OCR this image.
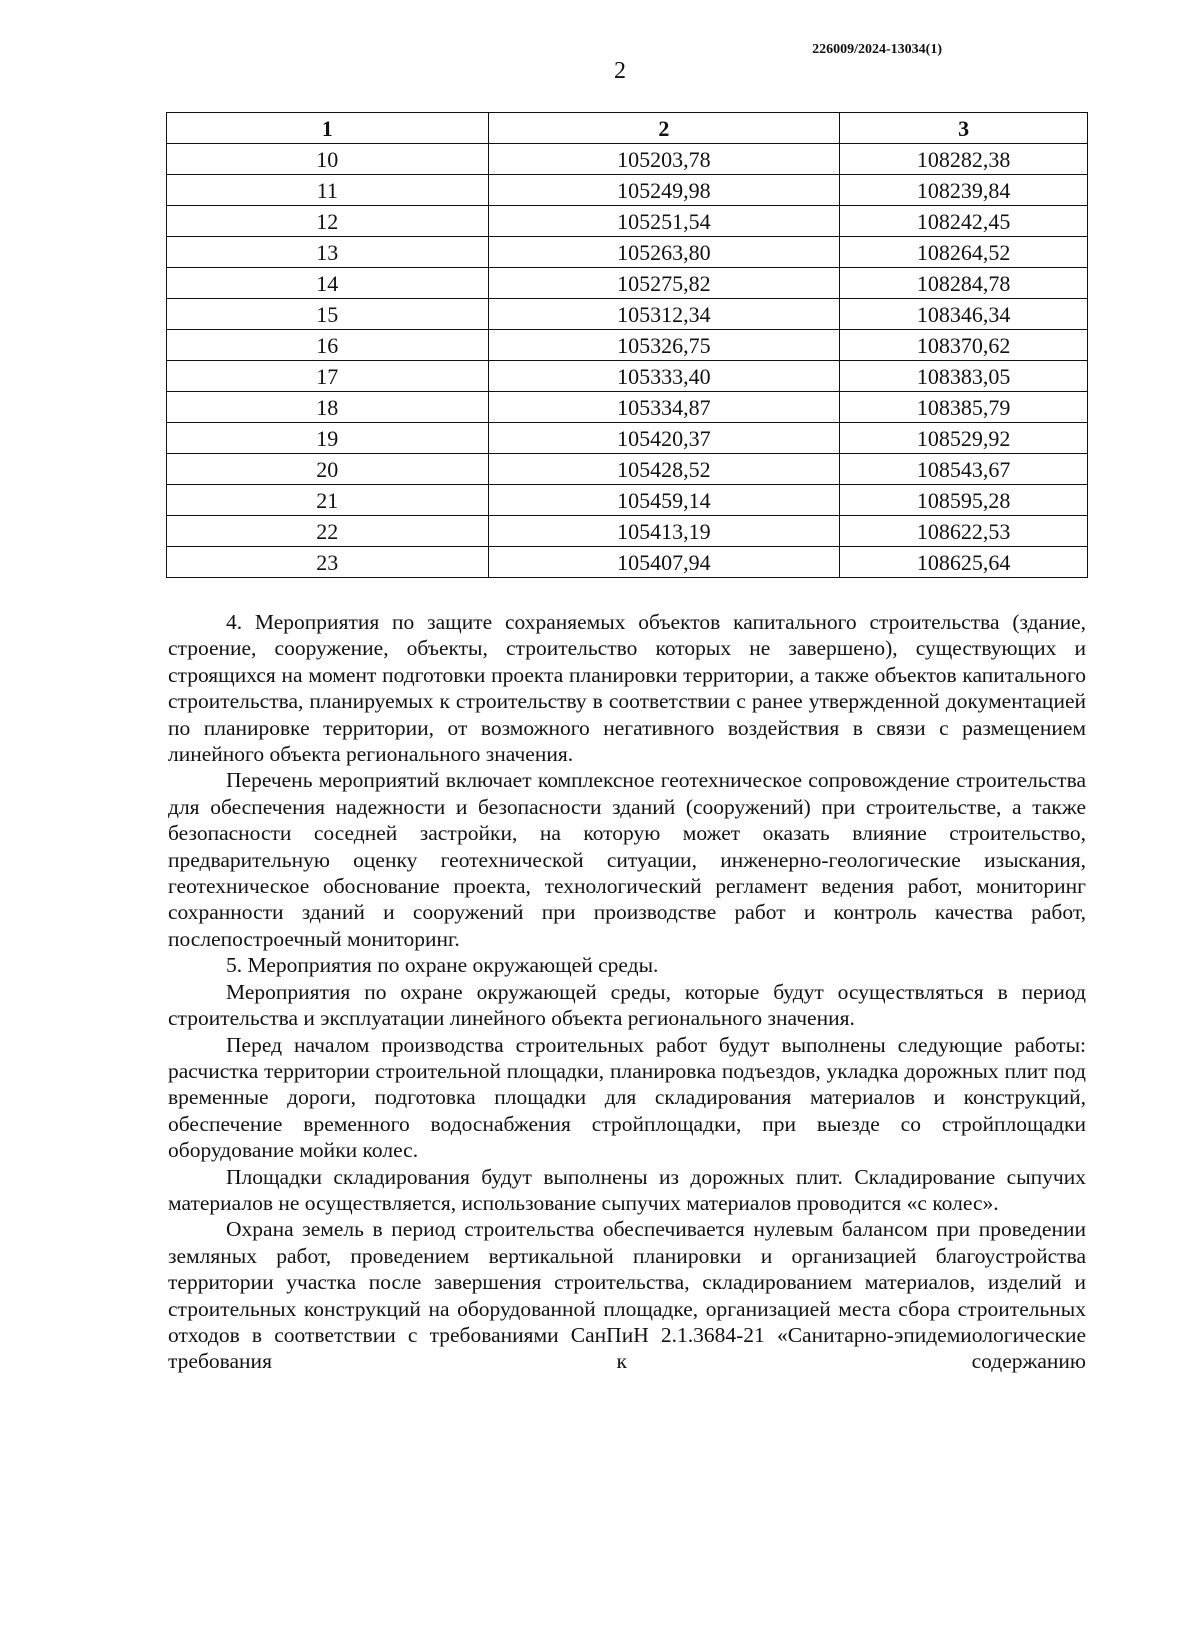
226009/2024-13034(1)
2
1	2	3
10	105203,78	108282,38
11	105249,98	108239,84
12	105251,54	108242,45
13	105263,80	108264,52
14	105275,82	108284,78
15	105312,34	108346,34
16	105326,75	108370,62
17	105333,40	108383,05
18	105334,87	108385,79
19	105420,37	108529,92
20	105428,52	108543,67
21	105459,14	108595,28
22	105413,19	108622,53
23	105407,94	108625,64

4. Мероприятия по защите сохраняемых объектов капитального строительства (здание, строение, сооружение, объекты, строительство которых не завершено), существующих и строящихся на момент подготовки проекта планировки территории, а также объектов капитального строительства, планируемых к строительству в соответствии с ранее утвержденной документацией по планировке территории, от возможного негативного воздействия в связи с размещением линейного объекта регионального значения.

Перечень мероприятий включает комплексное геотехническое сопровождение строительства для обеспечения надежности и безопасности зданий (сооружений) при строительстве, а также безопасности соседней застройки, на которую может оказать влияние строительство, предварительную оценку геотехнической ситуации, инженерно-геологические изыскания, геотехническое обоснование проекта, технологический регламент ведения работ, мониторинг сохранности зданий и сооружений при производстве работ и контроль качества работ, послепостроечный мониторинг.

5. Мероприятия по охране окружающей среды.

Мероприятия по охране окружающей среды, которые будут осуществляться в период строительства и эксплуатации линейного объекта регионального значения.

Перед началом производства строительных работ будут выполнены следующие работы: расчистка территории строительной площадки, планировка подъездов, укладка дорожных плит под временные дороги, подготовка площадки для складирования материалов и конструкций, обеспечение временного водоснабжения стройплощадки, при выезде со стройплощадки оборудование мойки колес.

Площадки складирования будут выполнены из дорожных плит. Складирование сыпучих материалов не осуществляется, использование сыпучих материалов проводится «с колес».

Охрана земель в период строительства обеспечивается нулевым балансом при проведении земляных работ, проведением вертикальной планировки и организацией благоустройства территории участка после завершения строительства, складированием материалов, изделий и строительных конструкций на оборудованной площадке, организацией места сбора строительных отходов в соответствии с требованиями СанПиН 2.1.3684-21 «Санитарно-эпидемиологические требования к содержанию
